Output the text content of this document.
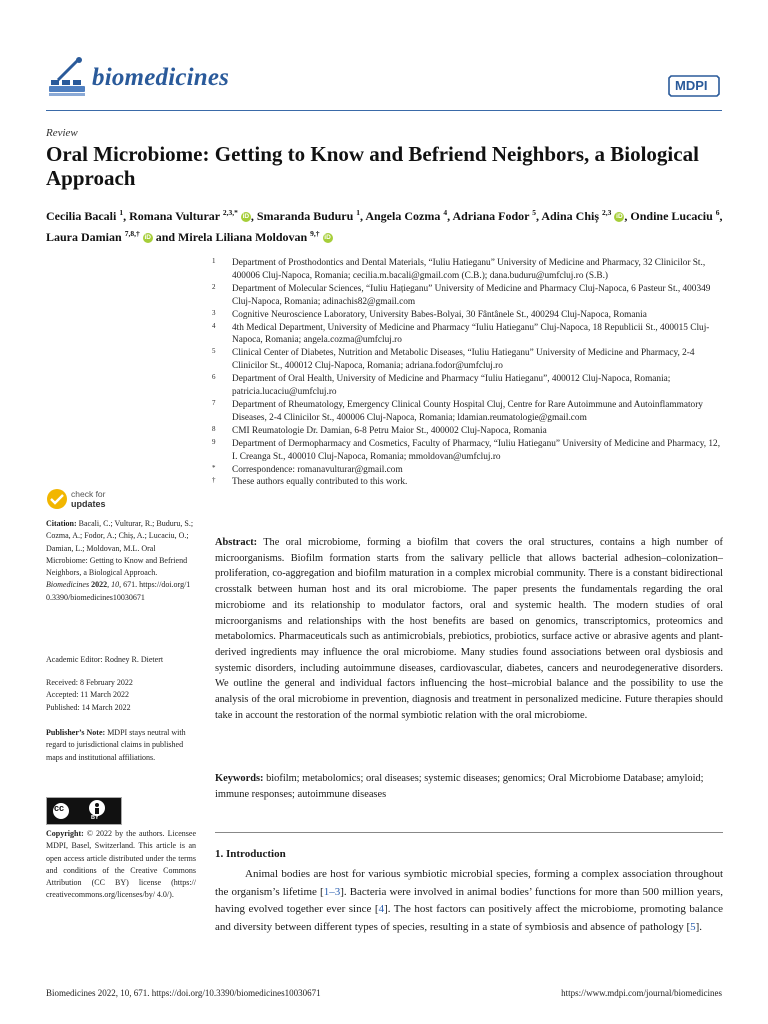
biomedicines	MDPI
Review
Oral Microbiome: Getting to Know and Befriend Neighbors, a Biological Approach
Cecilia Bacali $^1$, Romana Vulturar $^{2,3,*}$ iD , Smaranda Buduru $^1$, Angela Cozma $^4$, Adriana Fodor $^5$, Adina Chiș $^{2,3}$ iD , Ondine Lucaciu $^6$, Laura Damian $^{7,8,\dagger}$ iD and Mirela Liliana Moldovan $^{9,\dagger}$ iD
1 Department of Prosthodontics and Dental Materials, “Iuliu Hatieganu” University of Medicine and Pharmacy, 32 Clinicilor St., 400006 Cluj-Napoca, Romania; cecilia.m.bacali@gmail.com (C.B.); dana.buduru@umfcluj.ro (S.B.)
2 Department of Molecular Sciences, “Iuliu Hațieganu” University of Medicine and Pharmacy Cluj-Napoca, 6 Pasteur St., 400349 Cluj-Napoca, Romania; adinachis82@gmail.com
3 Cognitive Neuroscience Laboratory, University Babes-Bolyai, 30 Fântânele St., 400294 Cluj-Napoca, Romania
4 4th Medical Department, University of Medicine and Pharmacy “Iuliu Hatieganu” Cluj-Napoca, 18 Republicii St., 400015 Cluj-Napoca, Romania; angela.cozma@umfcluj.ro
5 Clinical Center of Diabetes, Nutrition and Metabolic Diseases, “Iuliu Hatieganu” University of Medicine and Pharmacy, 2-4 Clinicilor St., 400012 Cluj-Napoca, Romania; adriana.fodor@umfcluj.ro
6 Department of Oral Health, University of Medicine and Pharmacy “Iuliu Hatieganu”, 400012 Cluj-Napoca, Romania; patricia.lucaciu@umfcluj.ro
7 Department of Rheumatology, Emergency Clinical County Hospital Cluj, Centre for Rare Autoimmune and Autoinflammatory Diseases, 2-4 Clinicilor St., 400006 Cluj-Napoca, Romania; ldamian.reumatologie@gmail.com
8 CMI Reumatologie Dr. Damian, 6-8 Petru Maior St., 400002 Cluj-Napoca, Romania
9 Department of Dermopharmacy and Cosmetics, Faculty of Pharmacy, “Iuliu Hatieganu” University of Medicine and Pharmacy, 12, I. Creanga St., 400010 Cluj-Napoca, Romania; mmoldovan@umfcluj.ro
* Correspondence: romanavulturar@gmail.com
† These authors equally contributed to this work.
check for
updates
Citation: Bacali, C.; Vulturar, R.; Buduru, S.; Cozma, A.; Fodor, A.; Chiș, A.; Lucaciu, O.; Damian, L.; Moldovan, M.L. Oral Microbiome: Getting to Know and Befriend Neighbors, a Biological Approach. Biomedicines 2022, 10, 671. https://doi.org/10.3390/biomedicines10030671
Academic Editor: Rodney R. Dietert
Received: 8 February 2022
Accepted: 11 March 2022
Published: 14 March 2022
Publisher’s Note: MDPI stays neutral with regard to jurisdictional claims in published maps and institutional affiliations.
cc
BY
Copyright: © 2022 by the authors. Licensee MDPI, Basel, Switzerland. This article is an open access article distributed under the terms and conditions of the Creative Commons Attribution (CC BY) license (https:// creativecommons.org/licenses/by/ 4.0/).
Abstract: The oral microbiome, forming a biofilm that covers the oral structures, contains a high number of microorganisms. Biofilm formation starts from the salivary pellicle that allows bacterial adhesion–colonization–proliferation, co-aggregation and biofilm maturation in a complex microbial community. There is a constant bidirectional crosstalk between human host and its oral microbiome. The paper presents the fundamentals regarding the oral microbiome and its relationship to modulator factors, oral and systemic health. The modern studies of oral microorganisms and relationships with the host benefits are based on genomics, transcriptomics, proteomics and metabolomics. Pharmaceuticals such as antimicrobials, prebiotics, probiotics, surface active or abrasive agents and plant-derived ingredients may influence the oral microbiome. Many studies found associations between oral dysbiosis and systemic disorders, including autoimmune diseases, cardiovascular, diabetes, cancers and neurodegenerative disorders. We outline the general and individual factors influencing the host–microbial balance and the possibility to use the analysis of the oral microbiome in prevention, diagnosis and treatment in personalized medicine. Future therapies should take in account the restoration of the normal symbiotic relation with the oral microbiome.
Keywords: biofilm; metabolomics; oral diseases; systemic diseases; genomics; Oral Microbiome Database; amyloid; immune responses; autoimmune diseases
1. Introduction
Animal bodies are host for various symbiotic microbial species, forming a complex association throughout the organism’s lifetime [1–3]. Bacteria were involved in animal bodies’ functions for more than 500 million years, having evolved together ever since [4]. The host factors can positively affect the microbiome, promoting balance and diversity between different types of species, resulting in a state of symbiosis and absence of pathology [5].
Biomedicines 2022, 10, 671. https://doi.org/10.3390/biomedicines10030671	https://www.mdpi.com/journal/biomedicines
